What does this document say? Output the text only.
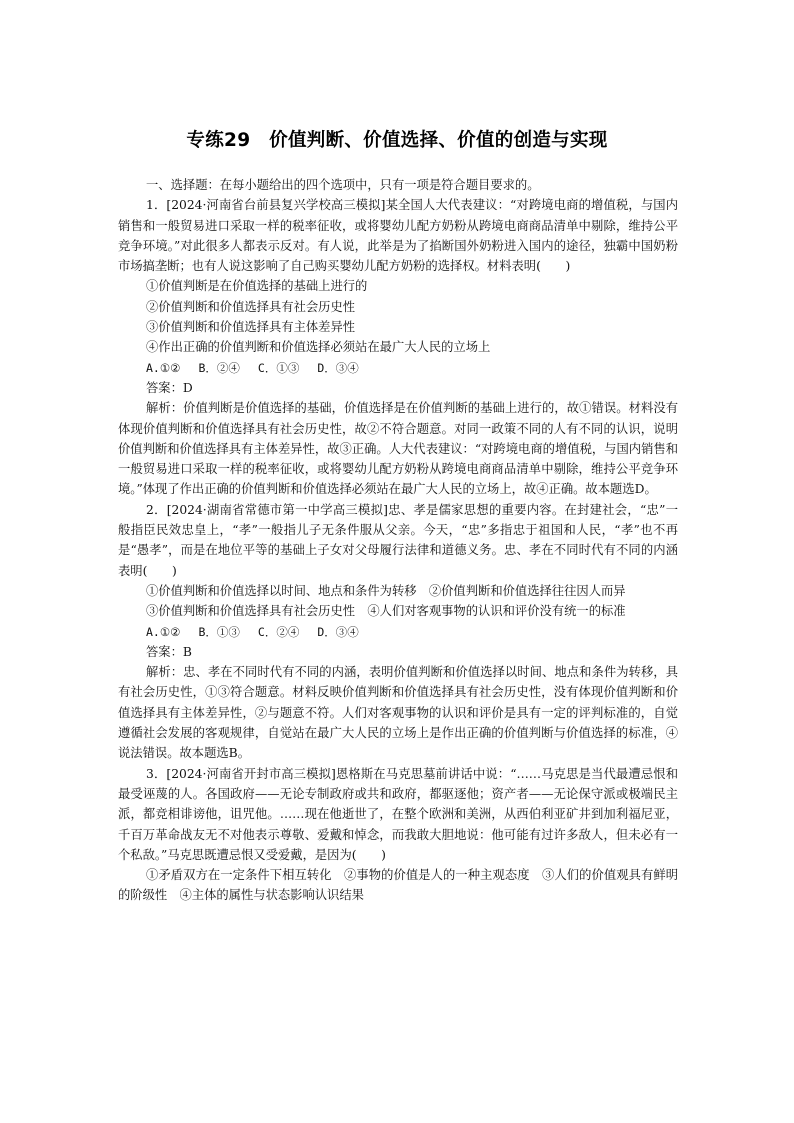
专练29　价值判断、价值选择、价值的创造与实现

一、选择题：在每小题给出的四个选项中，只有一项是符合题目要求的。

1．[2024·河南省台前县复兴学校高三模拟]某全国人大代表建议：“对跨境电商的增值税，与国内销售和一般贸易进口采取一样的税率征收，或将婴幼儿配方奶粉从跨境电商商品清单中剔除，维持公平竞争环境。”对此很多人都表示反对。有人说，此举是为了掐断国外奶粉进入国内的途径，独霸中国奶粉市场搞垄断；也有人说这影响了自己购买婴幼儿配方奶粉的选择权。材料表明(　　)

①价值判断是在价值选择的基础上进行的

②价值判断和价值选择具有社会历史性

③价值判断和价值选择具有主体差异性

④作出正确的价值判断和价值选择必须站在最广大人民的立场上

A.①② B．②④ C．①③ D．③④

答案：D

解析：价值判断是价值选择的基础，价值选择是在价值判断的基础上进行的，故①错误。材料没有体现价值判断和价值选择具有社会历史性，故②不符合题意。对同一政策不同的人有不同的认识，说明价值判断和价值选择具有主体差异性，故③正确。人大代表建议：“对跨境电商的增值税，与国内销售和一般贸易进口采取一样的税率征收，或将婴幼儿配方奶粉从跨境电商商品清单中剔除，维持公平竞争环境。”体现了作出正确的价值判断和价值选择必须站在最广大人民的立场上，故④正确。故本题选D。

2．[2024·湖南省常德市第一中学高三模拟]忠、孝是儒家思想的重要内容。在封建社会，“忠”一般指臣民效忠皇上，“孝”一般指儿子无条件服从父亲。今天，“忠”多指忠于祖国和人民，“孝”也不再是“愚孝”，而是在地位平等的基础上子女对父母履行法律和道德义务。忠、孝在不同时代有不同的内涵表明(　　)

①价值判断和价值选择以时间、地点和条件为转移　②价值判断和价值选择往往因人而异

③价值判断和价值选择具有社会历史性　④人们对客观事物的认识和评价没有统一的标准

A.①② B．①③ C．②④ D．③④

答案：B

解析：忠、孝在不同时代有不同的内涵，表明价值判断和价值选择以时间、地点和条件为转移，具有社会历史性，①③符合题意。材料反映价值判断和价值选择具有社会历史性，没有体现价值判断和价值选择具有主体差异性，②与题意不符。人们对客观事物的认识和评价是具有一定的评判标准的，自觉遵循社会发展的客观规律，自觉站在最广大人民的立场上是作出正确的价值判断与价值选择的标准，④说法错误。故本题选B。

3．[2024·河南省开封市高三模拟]恩格斯在马克思墓前讲话中说：“……马克思是当代最遭忌恨和最受诬蔑的人。各国政府——无论专制政府或共和政府，都驱逐他；资产者——无论保守派或极端民主派，都竞相诽谤他，诅咒他。……现在他逝世了，在整个欧洲和美洲，从西伯利亚矿井到加利福尼亚，千百万革命战友无不对他表示尊敬、爱戴和悼念，而我敢大胆地说：他可能有过许多敌人，但未必有一个私敌。”马克思既遭忌恨又受爱戴，是因为(　　)

①矛盾双方在一定条件下相互转化　②事物的价值是人的一种主观态度　③人们的价值观具有鲜明的阶级性　④主体的属性与状态影响认识结果
